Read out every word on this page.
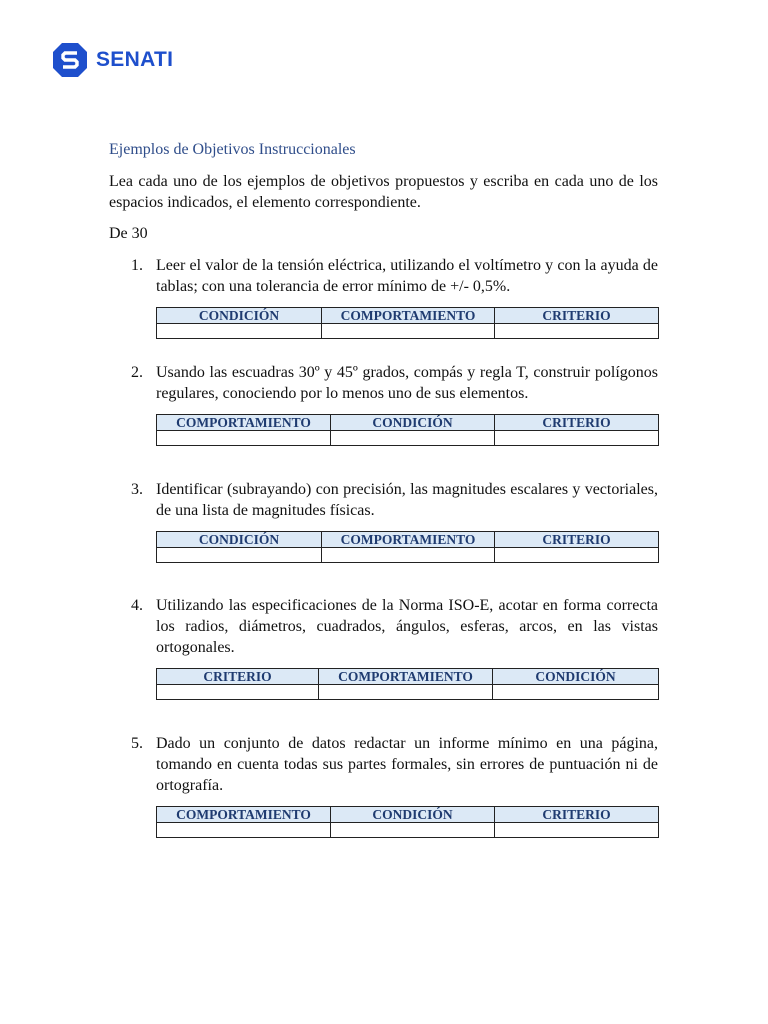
SENATI
Ejemplos de Objetivos Instruccionales
Lea cada uno de los ejemplos de objetivos propuestos y escriba en cada uno de los espacios indicados, el elemento correspondiente.
De 30
1. Leer el valor de la tensión eléctrica, utilizando el voltímetro y con la ayuda de tablas; con una tolerancia de error mínimo de +/- 0,5%.
CONDICIÓN	COMPORTAMIENTO	CRITERIO

2. Usando las escuadras 30º y 45º grados, compás y regla T, construir polígonos regulares, conociendo por lo menos uno de sus elementos.
COMPORTAMIENTO	CONDICIÓN	CRITERIO

3. Identificar (subrayando) con precisión, las magnitudes escalares y vectoriales, de una lista de magnitudes físicas.
CONDICIÓN	COMPORTAMIENTO	CRITERIO

4. Utilizando las especificaciones de la Norma ISO-E, acotar en forma correcta los radios, diámetros, cuadrados, ángulos, esferas, arcos, en las vistas ortogonales.
CRITERIO	COMPORTAMIENTO	CONDICIÓN

5. Dado un conjunto de datos redactar un informe mínimo en una página, tomando en cuenta todas sus partes formales, sin errores de puntuación ni de ortografía.
COMPORTAMIENTO	CONDICIÓN	CRITERIO
